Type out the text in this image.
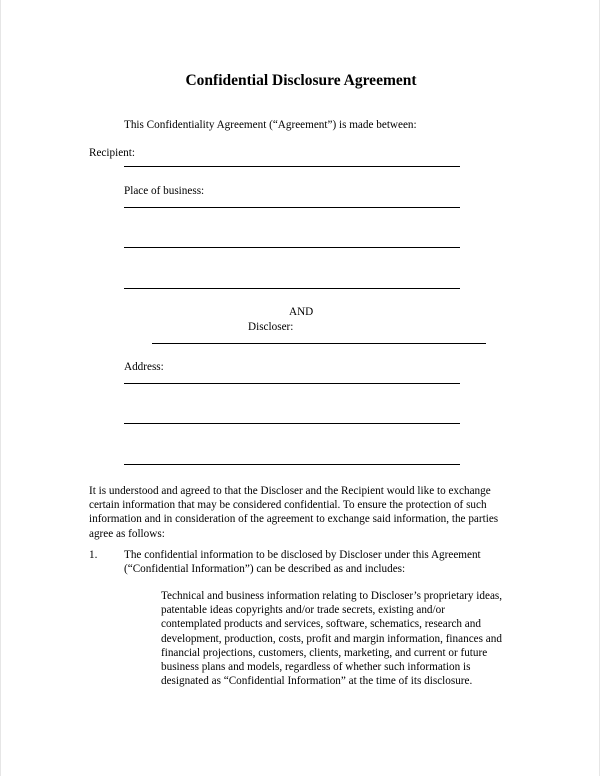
Confidential Disclosure Agreement
This Confidentiality Agreement (“Agreement”) is made between:
Recipient:
Place of business:
AND
Discloser:
Address:
It is understood and agreed to that the Discloser and the Recipient would like to exchange
certain information that may be considered confidential. To ensure the protection of such
information and in consideration of the agreement to exchange said information, the parties
agree as follows:
1. The confidential information to be disclosed by Discloser under this Agreement
(“Confidential Information”) can be described as and includes:
Technical and business information relating to Discloser’s proprietary ideas,
patentable ideas copyrights and/or trade secrets, existing and/or
contemplated products and services, software, schematics, research and
development, production, costs, profit and margin information, finances and
financial projections, customers, clients, marketing, and current or future
business plans and models, regardless of whether such information is
designated as “Confidential Information” at the time of its disclosure.
